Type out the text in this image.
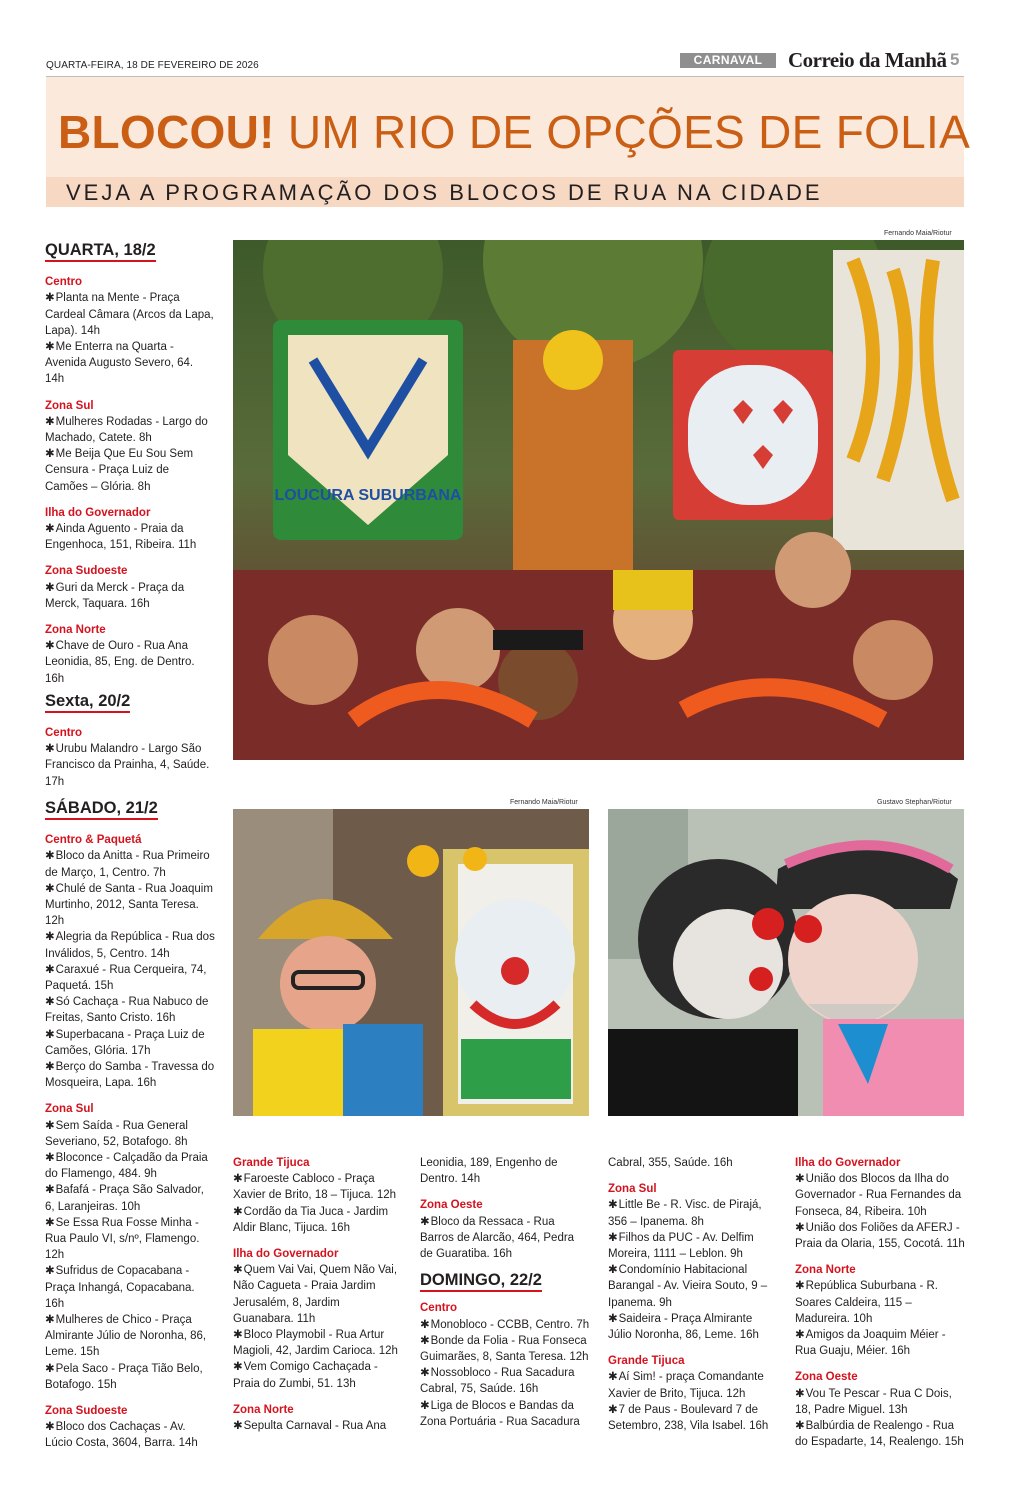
QUARTA-FEIRA, 18 DE FEVEREIRO DE 2026	CARNAVAL	Correio da Manhã 5
BLOCOU! UM RIO DE OPÇÕES DE FOLIA
VEJA A PROGRAMAÇÃO DOS BLOCOS DE RUA NA CIDADE
Fernando Maia/Riotur
LOUCURA SUBURBANA
Fernando Maia/Riotur	Gustavo Stephan/Riotur
QUARTA, 18/2
Centro
✱Planta na Mente - Praça Cardeal Câmara (Arcos da Lapa, Lapa). 14h
✱Me Enterra na Quarta - Avenida Augusto Severo, 64. 14h
Zona Sul
✱Mulheres Rodadas - Largo do Machado, Catete. 8h
✱Me Beija Que Eu Sou Sem Censura - Praça Luiz de Camões – Glória. 8h
Ilha do Governador
✱Ainda Aguento - Praia da Engenhoca, 151, Ribeira. 11h
Zona Sudoeste
✱Guri da Merck - Praça da Merck, Taquara. 16h
Zona Norte
✱Chave de Ouro - Rua Ana Leonidia, 85, Eng. de Dentro. 16h
Sexta, 20/2
Centro
✱Urubu Malandro - Largo São Francisco da Prainha, 4, Saúde. 17h
SÁBADO, 21/2
Centro & Paquetá
✱Bloco da Anitta - Rua Primeiro de Março, 1, Centro. 7h
✱Chulé de Santa - Rua Joaquim Murtinho, 2012, Santa Teresa. 12h
✱Alegria da República - Rua dos Inválidos, 5, Centro. 14h
✱Caraxué - Rua Cerqueira, 74, Paquetá. 15h
✱Só Cachaça - Rua Nabuco de Freitas, Santo Cristo. 16h
✱Superbacana - Praça Luiz de Camões, Glória. 17h
✱Berço do Samba - Travessa do Mosqueira, Lapa. 16h
Zona Sul
✱Sem Saída - Rua General Severiano, 52, Botafogo. 8h
✱Bloconce - Calçadão da Praia do Flamengo, 484. 9h
✱Bafafá - Praça São Salvador, 6, Laranjeiras. 10h
✱Se Essa Rua Fosse Minha - Rua Paulo VI, s/nº, Flamengo. 12h
✱Sufridus de Copacabana - Praça Inhangá, Copacabana. 16h
✱Mulheres de Chico - Praça Almirante Júlio de Noronha, 86, Leme. 15h
✱Pela Saco - Praça Tião Belo, Botafogo. 15h
Zona Sudoeste
✱Bloco dos Cachaças - Av. Lúcio Costa, 3604, Barra. 14h
Grande Tijuca
✱Faroeste Cabloco - Praça Xavier de Brito, 18 – Tijuca. 12h
✱Cordão da Tia Juca - Jardim Aldir Blanc, Tijuca. 16h
Ilha do Governador
✱Quem Vai Vai, Quem Não Vai, Não Cagueta - Praia Jardim Jerusalém, 8, Jardim Guanabara. 11h
✱Bloco Playmobil - Rua Artur Magioli, 42, Jardim Carioca. 12h
✱Vem Comigo Cachaçada - Praia do Zumbi, 51. 13h
Zona Norte
✱Sepulta Carnaval - Rua Ana
Leonidia, 189, Engenho de Dentro. 14h
Zona Oeste
✱Bloco da Ressaca - Rua Barros de Alarcão, 464, Pedra de Guaratiba. 16h
DOMINGO, 22/2
Centro
✱Monobloco - CCBB, Centro. 7h
✱Bonde da Folia - Rua Fonseca Guimarães, 8, Santa Teresa. 12h
✱Nossobloco - Rua Sacadura Cabral, 75, Saúde. 16h
✱Liga de Blocos e Bandas da Zona Portuária - Rua Sacadura
Cabral, 355, Saúde. 16h
Zona Sul
✱Little Be - R. Visc. de Pirajá, 356 – Ipanema. 8h
✱Filhos da PUC - Av. Delfim Moreira, 1111 – Leblon. 9h
✱Condomínio Habitacional Barangal - Av. Vieira Souto, 9 – Ipanema. 9h
✱Saideira - Praça Almirante Júlio Noronha, 86, Leme. 16h
Grande Tijuca
✱Aí Sim! - praça Comandante Xavier de Brito, Tijuca. 12h
✱7 de Paus - Boulevard 7 de Setembro, 238, Vila Isabel. 16h
Ilha do Governador
✱União dos Blocos da Ilha do Governador - Rua Fernandes da Fonseca, 84, Ribeira. 10h
✱União dos Foliões da AFERJ - Praia da Olaria, 155, Cocotá. 11h
Zona Norte
✱República Suburbana - R. Soares Caldeira, 115 – Madureira. 10h
✱Amigos da Joaquim Méier - Rua Guaju, Méier. 16h
Zona Oeste
✱Vou Te Pescar - Rua C Dois, 18, Padre Miguel. 13h
✱Balbúrdia de Realengo - Rua do Espadarte, 14, Realengo. 15h
